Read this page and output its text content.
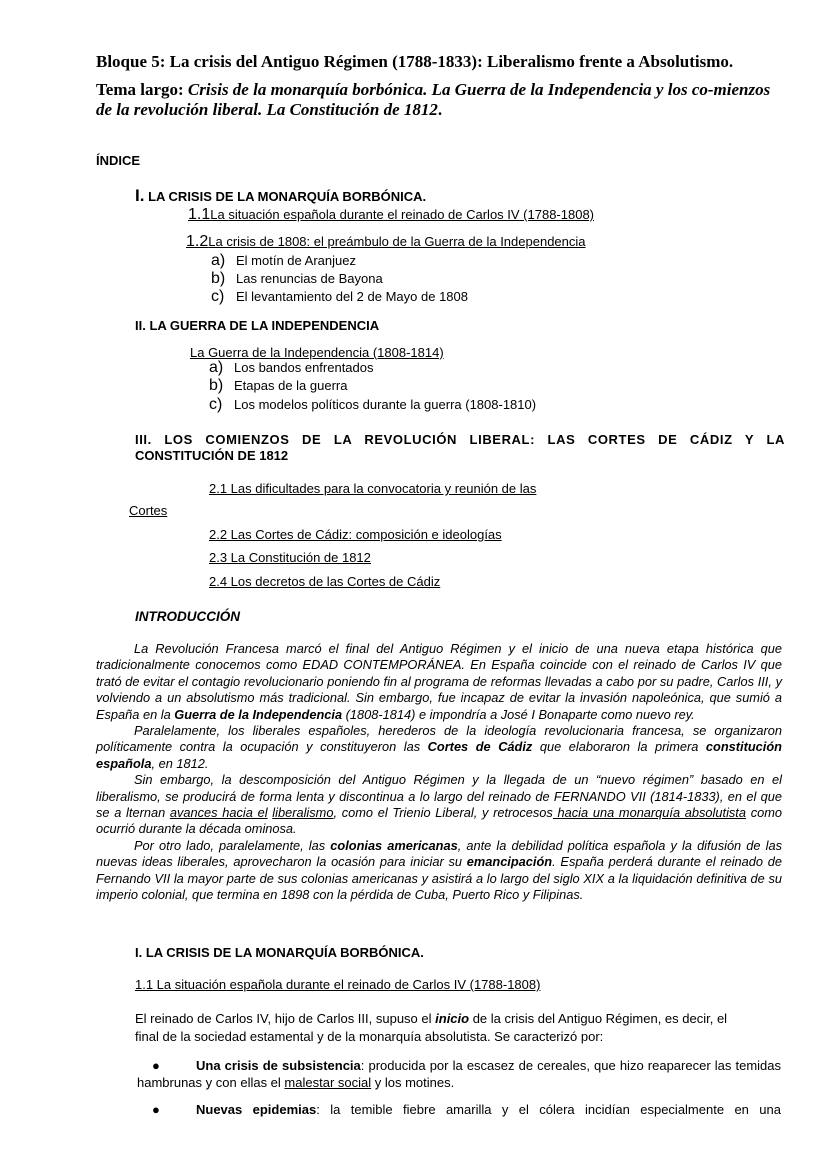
Bloque 5: La crisis del Antiguo Régimen (1788-1833): Liberalismo frente a Absolutismo.
Tema largo: Crisis de la monarquía borbónica. La Guerra de la Independencia y los co-mienzos de la revolución liberal. La Constitución de 1812.
ÍNDICE
I. LA CRISIS DE LA MONARQUÍA BORBÓNICA.
1.1La situación española durante el reinado de Carlos IV (1788-1808)
1.2La crisis de 1808: el preámbulo de la Guerra de la Independencia
a) El motín de Aranjuez
b) Las renuncias de Bayona
c) El levantamiento del 2 de Mayo de 1808
II. LA GUERRA DE LA INDEPENDENCIA
La Guerra de la Independencia (1808-1814)
a) Los bandos enfrentados
b) Etapas de la guerra
c) Los modelos políticos durante la guerra (1808-1810)
III. LOS COMIENZOS DE LA REVOLUCIÓN LIBERAL: LAS CORTES DE CÁDIZ Y LA
CONSTITUCIÓN DE 1812
2.1 Las dificultades para la convocatoria y reunión de las
Cortes
2.2 Las Cortes de Cádiz: composición e ideologías
2.3 La Constitución de 1812
2.4 Los decretos de las Cortes de Cádiz
INTRODUCCIÓN

La Revolución Francesa marcó el final del Antiguo Régimen y el inicio de una nueva etapa histórica que tradicionalmente conocemos como EDAD CONTEMPORÁNEA. En España coincide con el reinado de Carlos IV que trató de evitar el contagio revolucionario poniendo fin al programa de reformas llevadas a cabo por su padre, Carlos III, y volviendo a un absolutismo más tradicional. Sin embargo, fue incapaz de evitar la invasión napoleónica, que sumió a España en la Guerra de la Independencia (1808-1814) e impondría a José I Bonaparte como nuevo rey.

Paralelamente, los liberales españoles, herederos de la ideología revolucionaria francesa, se organizaron políticamente contra la ocupación y constituyeron las Cortes de Cádiz que elaboraron la primera constitución española, en 1812.

Sin embargo, la descomposición del Antiguo Régimen y la llegada de un “nuevo régimen” basado en el liberalismo, se producirá de forma lenta y discontinua a lo largo del reinado de FERNANDO VII (1814-1833), en el que se a lternan avances hacia el liberalismo, como el Trienio Liberal, y retrocesos hacia una monarquía absolutista como ocurrió durante la década ominosa.

Por otro lado, paralelamente, las colonias americanas, ante la debilidad política española y la difusión de las nuevas ideas liberales, aprovecharon la ocasión para iniciar su emancipación. España perderá durante el reinado de Fernando VII la mayor parte de sus colonias americanas y asistirá a lo largo del siglo XIX a la liquidación definitiva de su imperio colonial, que termina en 1898 con la pérdida de Cuba, Puerto Rico y Filipinas.

I. LA CRISIS DE LA MONARQUÍA BORBÓNICA.
1.1 La situación española durante el reinado de Carlos IV (1788-1808)
El reinado de Carlos IV, hijo de Carlos III, supuso el inicio de la crisis del Antiguo Régimen, es decir, el final de la sociedad estamental y de la monarquía absolutista. Se caracterizó por:
●	Una crisis de subsistencia: producida por la escasez de cereales, que hizo reaparecer las temidas hambrunas y con ellas el malestar social y los motines.
●	Nuevas epidemias: la temible fiebre amarilla y el cólera incidían especialmente en una
